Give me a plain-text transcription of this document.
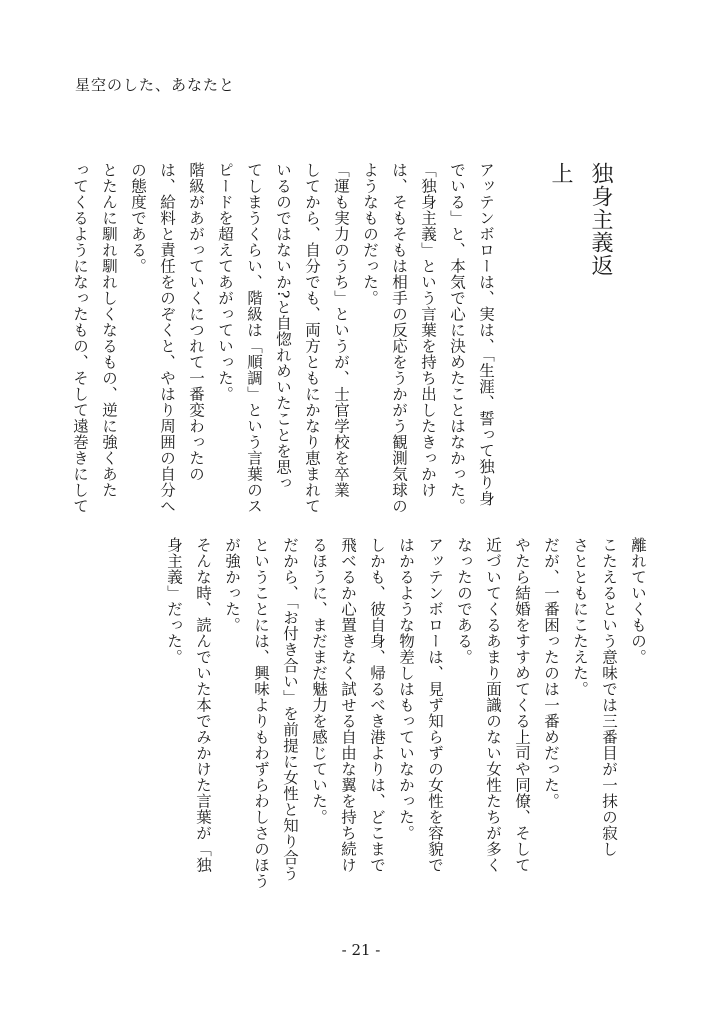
星空のした、あなたと
独身主義返上

アッテンボローは、実は、「生涯、誓って独り身

でいる」と、本気で心に決めたことはなかった。

「独身主義」という言葉を持ち出したきっかけ

は、そもそもは相手の反応をうかがう観測気球の

ようなものだった。

「運も実力のうち」というが、士官学校を卒業

してから、自分でも、両方ともにかなり恵まれて

いるのではないか?と自惚れめいたことを思っ

てしまうくらい、階級は「順調」という言葉のス

ピードを超えてあがっていった。

階級があがっていくにつれて一番変わったの

は、給料と責任をのぞくと、やはり周囲の自分へ

の態度である。

とたんに馴れ馴れしくなるもの、逆に強くあた

ってくるようになったもの、そして遠巻きにして

離れていくもの。

こたえるという意味では三番目が一抹の寂し

さとともにこたえた。

だが、一番困ったのは一番めだった。

やたら結婚をすすめてくる上司や同僚、そして

近づいてくるあまり面識のない女性たちが多く

なったのである。

アッテンボローは、見ず知らずの女性を容貌で

はかるような物差しはもっていなかった。

しかも、彼自身、帰るべき港よりは、どこまで

飛べるか心置きなく試せる自由な翼を持ち続け

るほうに、まだまだ魅力を感じていた。

だから、「お付き合い」を前提に女性と知り合う

ということには、興味よりもわずらわしさのほう

が強かった。

そんな時、読んでいた本でみかけた言葉が「独

身主義」だった。

- 21 -
